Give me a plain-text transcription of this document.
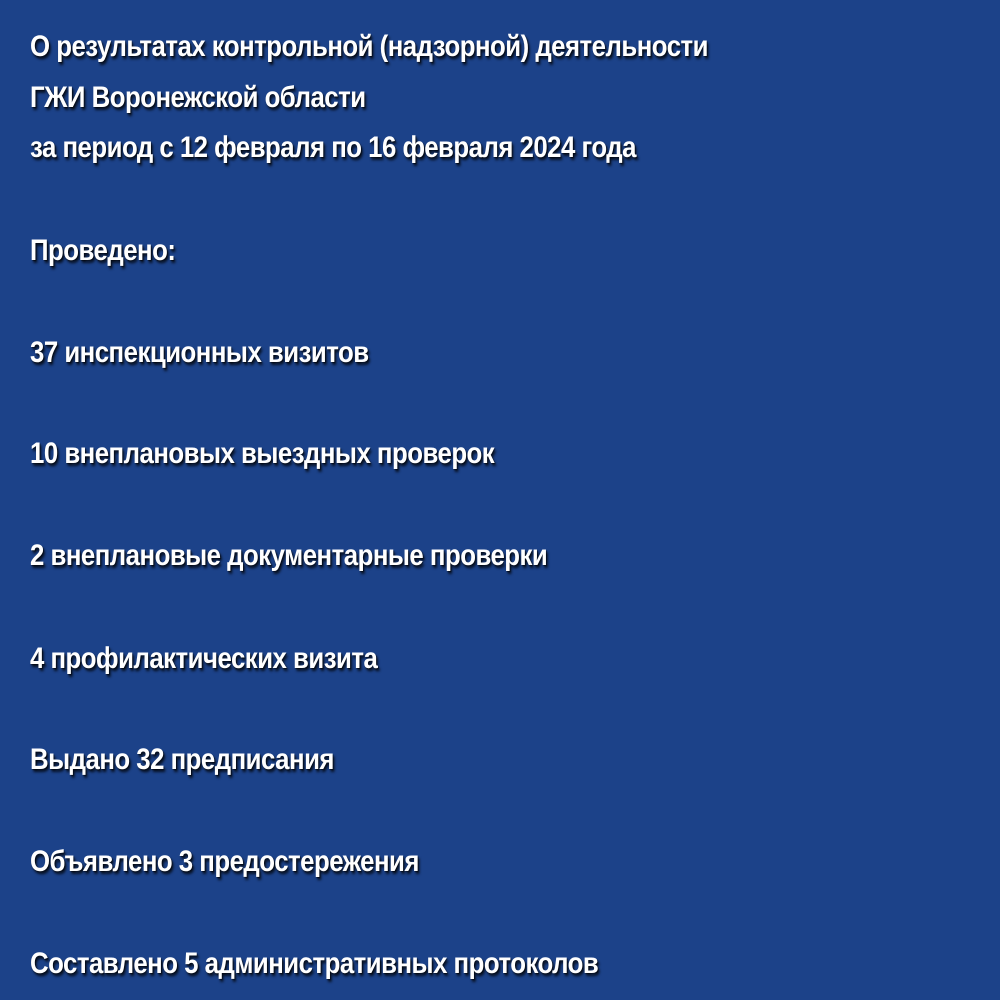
О результатах контрольной (надзорной) деятельности
ГЖИ Воронежской области
за период с 12 февраля по 16 февраля 2024 года
Проведено:
37 инспекционных визитов
10 внеплановых выездных проверок
2 внеплановые документарные проверки
4 профилактических визита
Выдано 32 предписания
Объявлено 3 предостережения
Составлено 5 административных протоколов
